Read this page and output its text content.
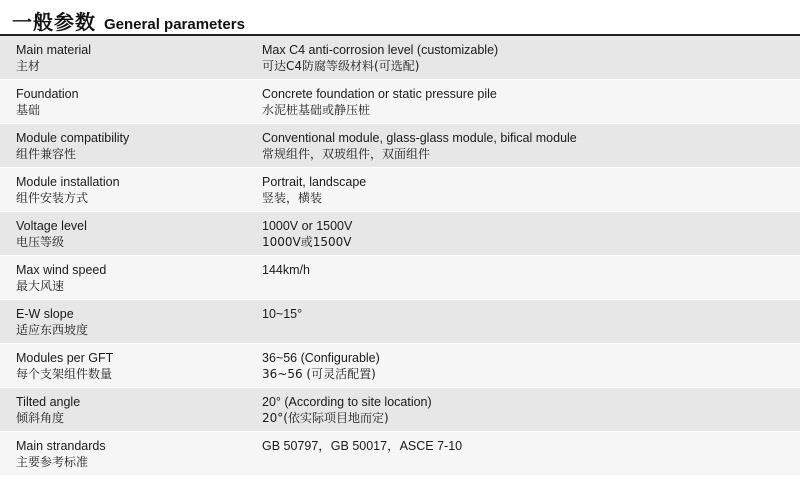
一般参数 General parameters
Main material
主材
Max C4 anti-corrosion level (customizable)
可达C4防腐等级材料(可选配)
Foundation
基础
Concrete foundation or static pressure pile
水泥桩基础或静压桩
Module compatibility
组件兼容性
Conventional module, glass-glass module, bifical module
常规组件，双玻组件，双面组件
Module installation
组件安装方式
Portrait, landscape
竖装，横装
Voltage level
电压等级
1000V or 1500V
1000V或1500V
Max wind speed
最大风速
144km/h
E-W slope
适应东西坡度
10~15°
Modules per GFT
每个支架组件数量
36~56 (Configurable)
36~56 (可灵活配置)
Tilted angle
倾斜角度
20° (According to site location)
20°(依实际项目地而定)
Main strandards
主要参考标准
GB 50797，GB 50017，ASCE 7-10
